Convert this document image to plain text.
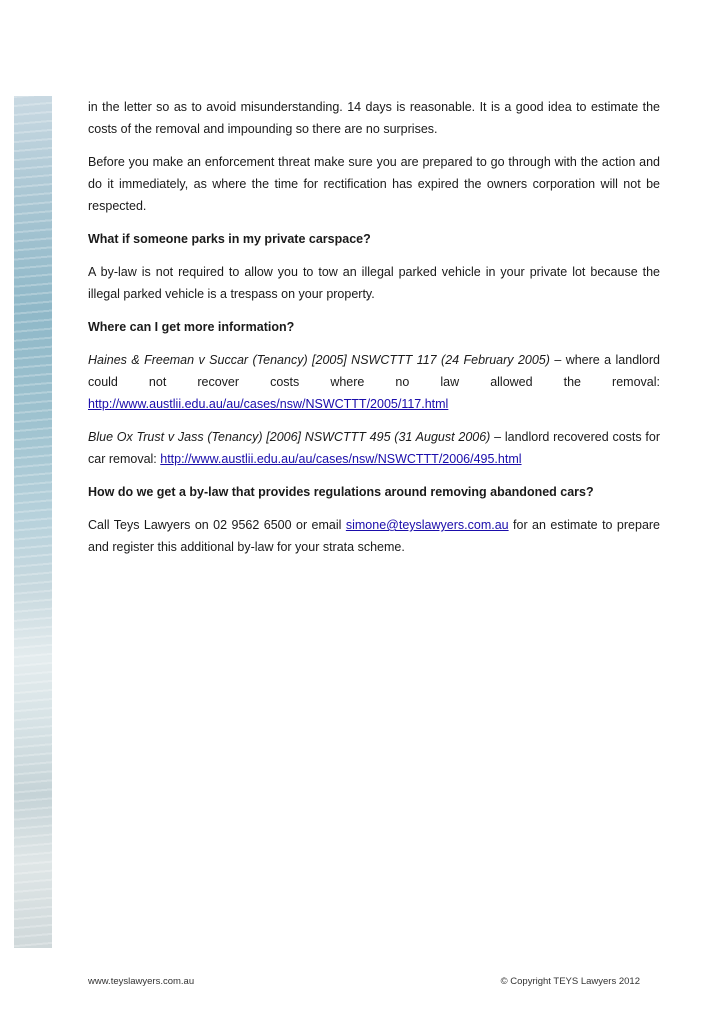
in the letter so as to avoid misunderstanding. 14 days is reasonable. It is a good idea to estimate the costs of the removal and impounding so there are no surprises.

Before you make an enforcement threat make sure you are prepared to go through with the action and do it immediately, as where the time for rectification has expired the owners corporation will not be respected.

What if someone parks in my private carspace?

A by-law is not required to allow you to tow an illegal parked vehicle in your private lot because the illegal parked vehicle is a trespass on your property.

Where can I get more information?

Haines & Freeman v Succar (Tenancy) [2005] NSWCTTT 117 (24 February 2005) – where a landlord could not recover costs where no law allowed the removal: http://www.austlii.edu.au/au/cases/nsw/NSWCTTT/2005/117.html

Blue Ox Trust v Jass (Tenancy) [2006] NSWCTTT 495 (31 August 2006) – landlord recovered costs for car removal: http://www.austlii.edu.au/au/cases/nsw/NSWCTTT/2006/495.html

How do we get a by-law that provides regulations around removing abandoned cars?

Call Teys Lawyers on 02 9562 6500 or email simone@teyslawyers.com.au for an estimate to prepare and register this additional by-law for your strata scheme.

www.teyslawyers.com.au	© Copyright TEYS Lawyers 2012
